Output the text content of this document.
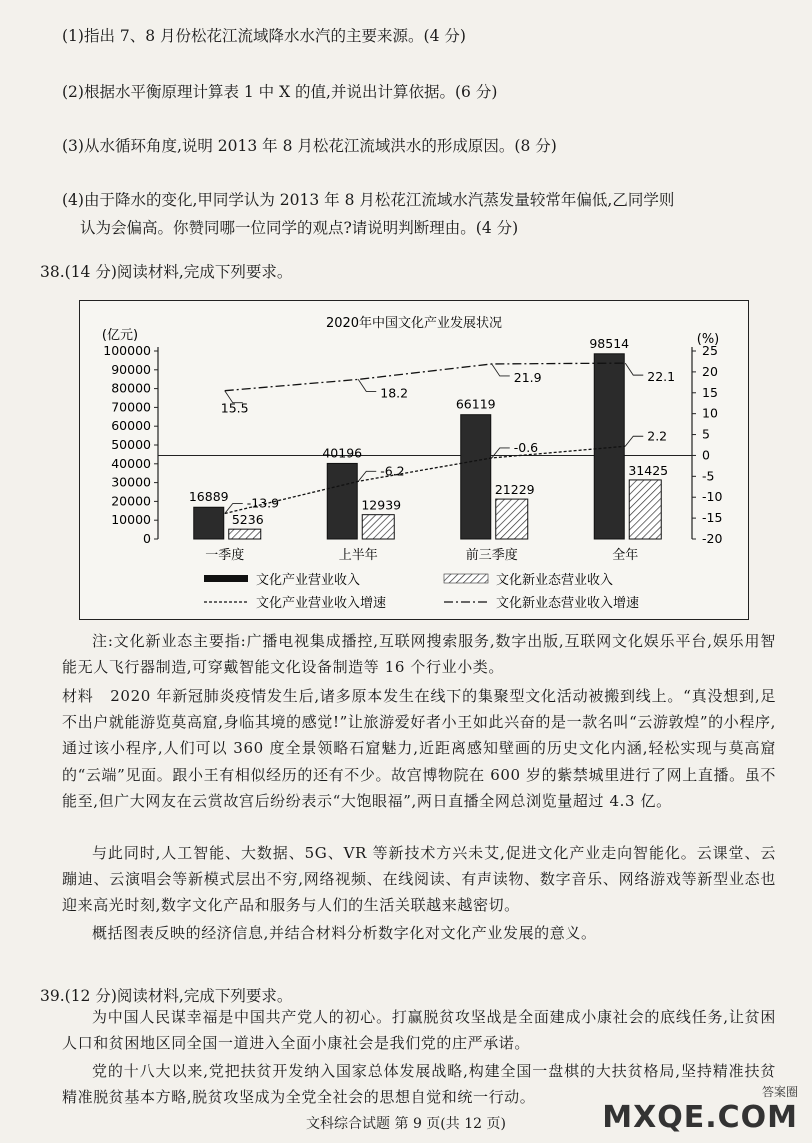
(1)指出 7、8 月份松花江流域降水水汽的主要来源。(4 分)
(2)根据水平衡原理计算表 1 中 X 的值,并说出计算依据。(6 分)
(3)从水循环角度,说明 2013 年 8 月松花江流域洪水的形成原因。(8 分)
(4)由于降水的变化,甲同学认为 2013 年 8 月松花江流域水汽蒸发量较常年偏低,乙同学则
认为会偏高。你赞同哪一位同学的观点?请说明判断理由。(4 分)
38.(14 分)阅读材料,完成下列要求。
2020年中国文化产业发展状况
(亿元)	(%)
100000
90000
80000
70000
60000
50000
40000
30000
20000
10000
0
25
20
15
10
5
0
-5
-10
-15
-20
一季度	上半年	前三季度	全年
16889
5236
40196
12939
66119
21229
98514
31425
-13.9
-6.2
-0.6
2.2
15.5
18.2
21.9	22.1
文化产业营业收入	文化新业态营业收入
文化产业营业收入增速	文化新业态营业收入增速
注:文化新业态主要指:广播电视集成播控,互联网搜索服务,数字出版,互联网文化娱乐平台,娱乐用智能无人飞行器制造,可穿戴智能文化设备制造等 16 个行业小类。
材料 2020 年新冠肺炎疫情发生后,诸多原本发生在线下的集聚型文化活动被搬到线上。“真没想到,足不出户就能游览莫高窟,身临其境的感觉!”让旅游爱好者小王如此兴奋的是一款名叫“云游敦煌”的小程序,通过该小程序,人们可以 360 度全景领略石窟魅力,近距离感知壁画的历史文化内涵,轻松实现与莫高窟的“云端”见面。跟小王有相似经历的还有不少。故宫博物院在 600 岁的紫禁城里进行了网上直播。虽不能至,但广大网友在云赏故宫后纷纷表示“大饱眼福”,两日直播全网总浏览量超过 4.3 亿。
与此同时,人工智能、大数据、5G、VR 等新技术方兴未艾,促进文化产业走向智能化。云课堂、云蹦迪、云演唱会等新模式层出不穷,网络视频、在线阅读、有声读物、数字音乐、网络游戏等新型业态也迎来高光时刻,数字文化产品和服务与人们的生活关联越来越密切。
概括图表反映的经济信息,并结合材料分析数字化对文化产业发展的意义。
39.(12 分)阅读材料,完成下列要求。
为中国人民谋幸福是中国共产党人的初心。打赢脱贫攻坚战是全面建成小康社会的底线任务,让贫困人口和贫困地区同全国一道进入全面小康社会是我们党的庄严承诺。
党的十八大以来,党把扶贫开发纳入国家总体发展战略,构建全国一盘棋的大扶贫格局,坚持精准扶贫精准脱贫基本方略,脱贫攻坚成为全党全社会的思想自觉和统一行动。
文科综合试题 第 9 页(共 12 页)
答案圈
MXQE.COM
